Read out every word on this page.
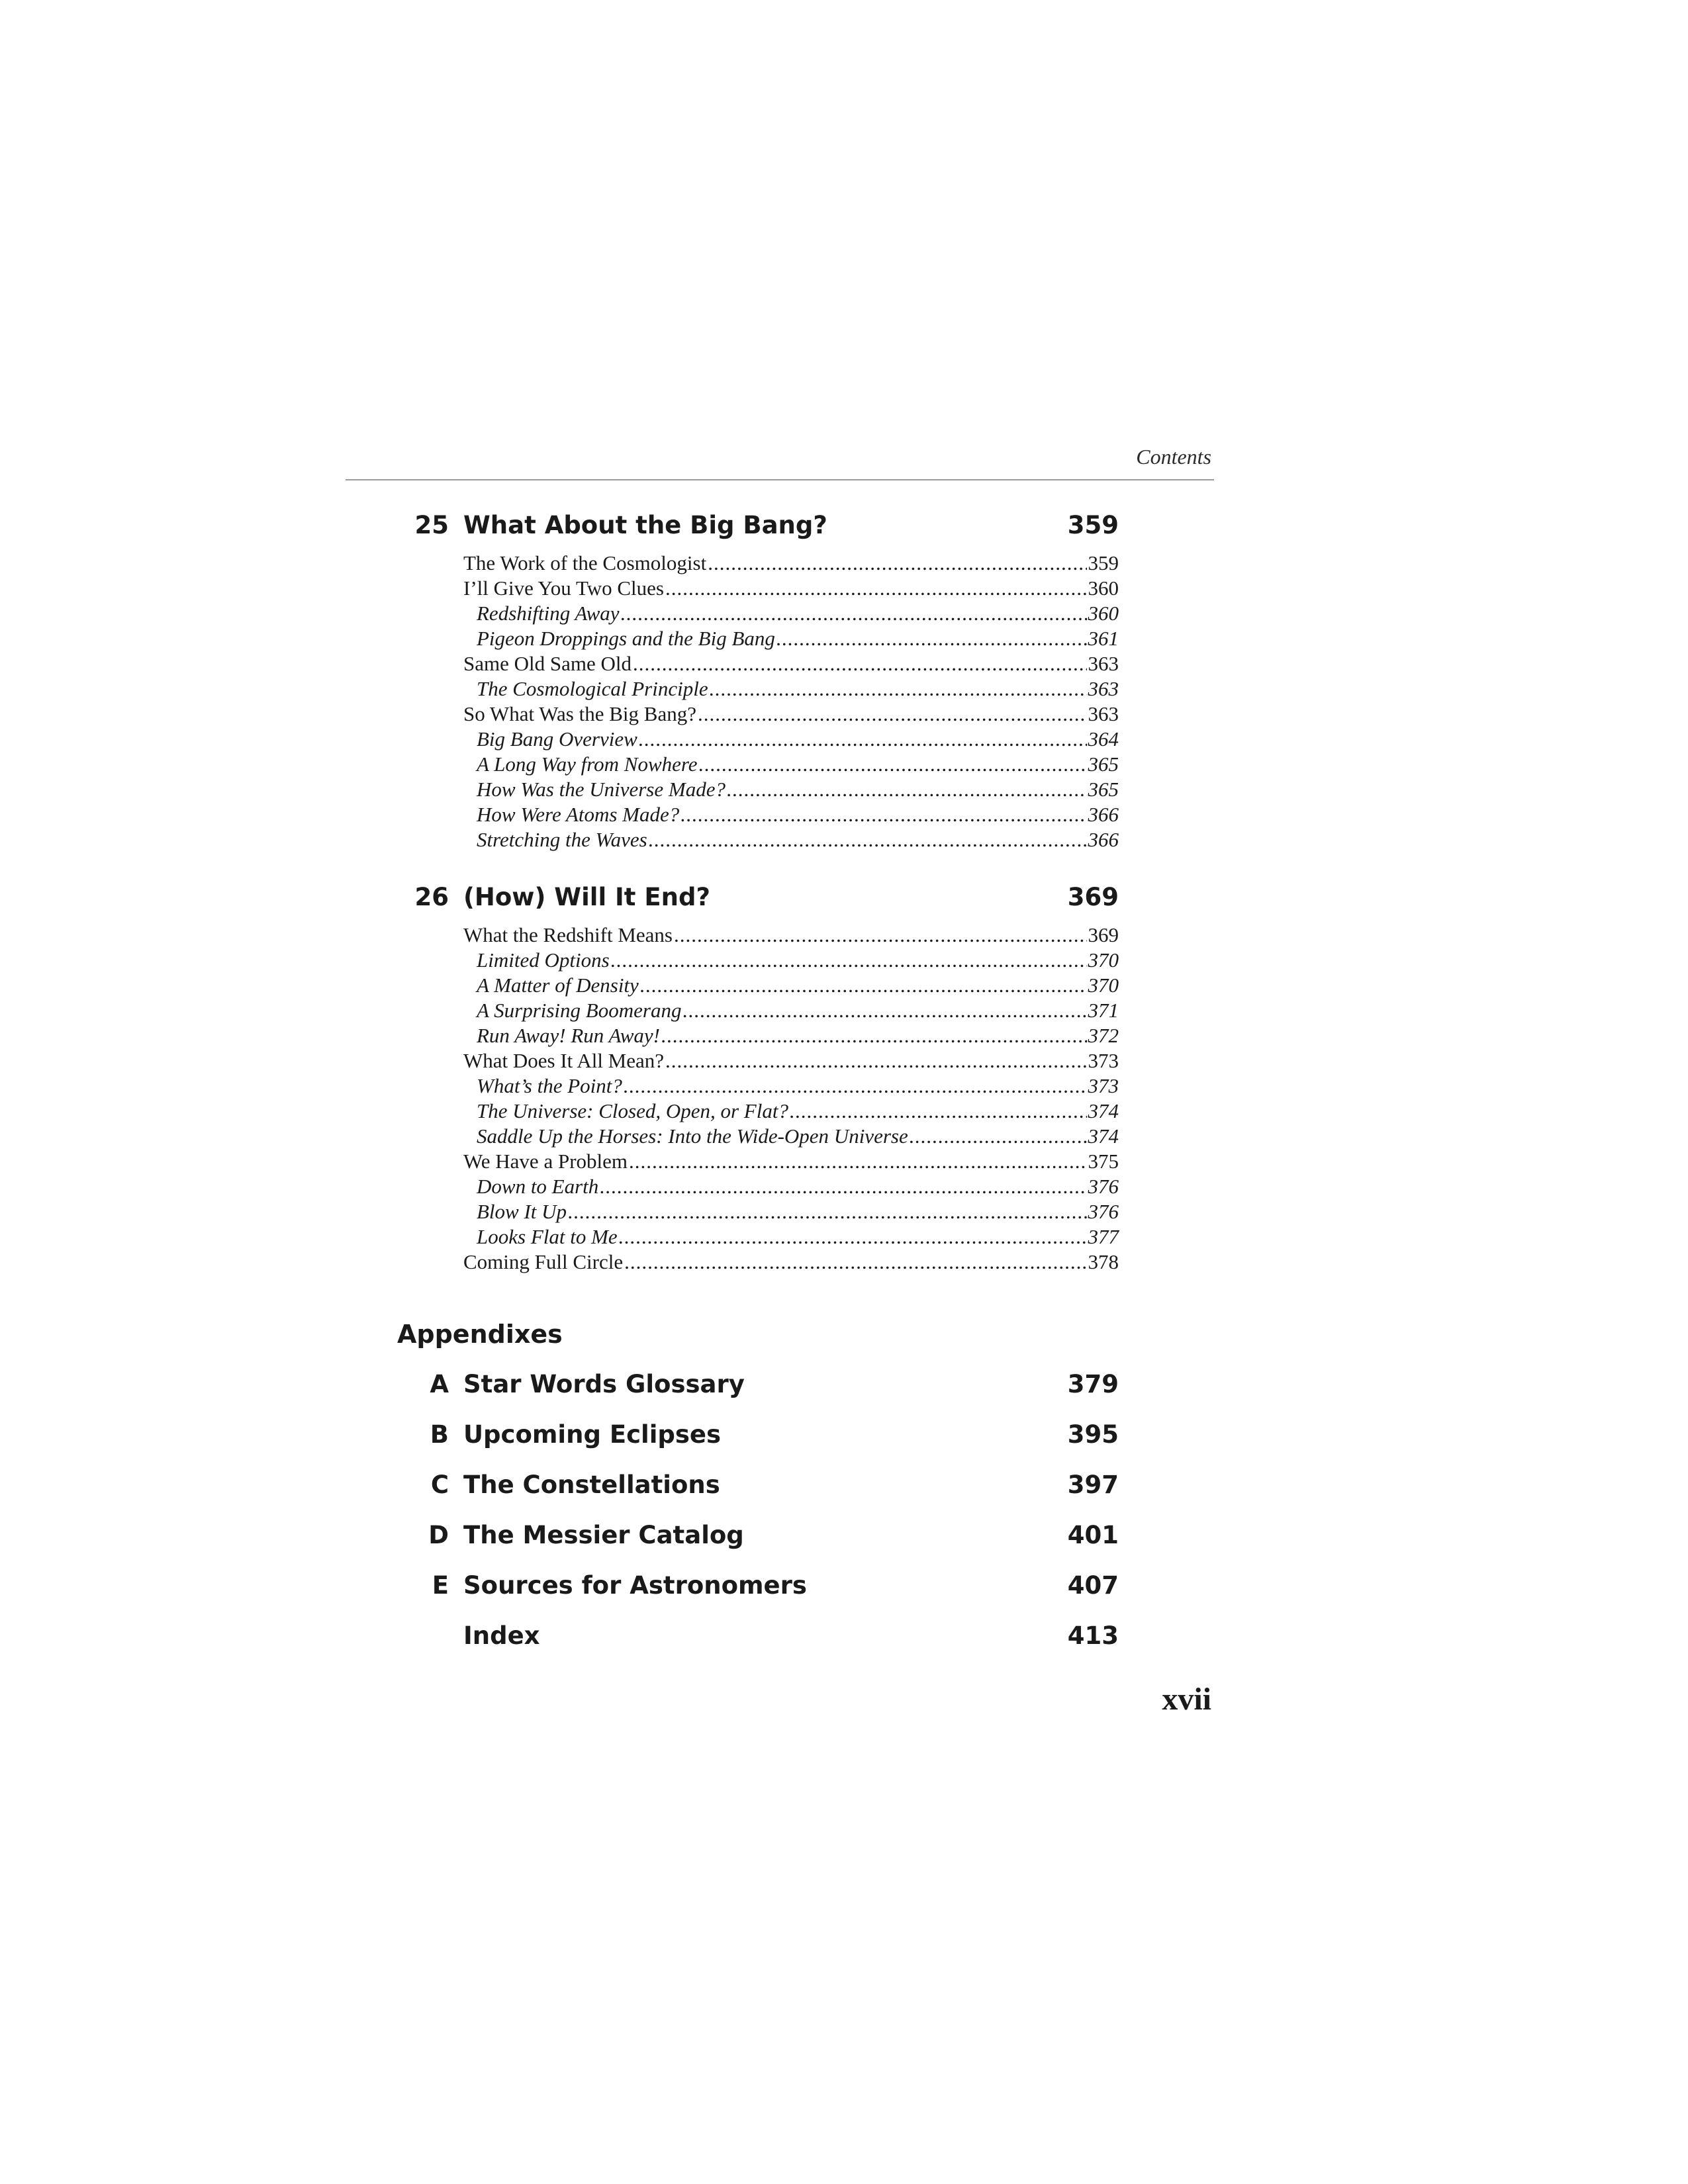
Contents
25 What About the Big Bang?	359
The Work of the Cosmologist .....	359
I’ll Give You Two Clues .....	360
Redshifting Away .....	360
Pigeon Droppings and the Big Bang .....	361
Same Old Same Old .....	363
The Cosmological Principle .....	363
So What Was the Big Bang? .....	363
Big Bang Overview .....	364
A Long Way from Nowhere .....	365
How Was the Universe Made? .....	365
How Were Atoms Made? .....	366
Stretching the Waves .....	366
26 (How) Will It End?	369
What the Redshift Means .....	369
Limited Options .....	370
A Matter of Density .....	370
A Surprising Boomerang .....	371
Run Away! Run Away! .....	372
What Does It All Mean? .....	373
What’s the Point? .....	373
The Universe: Closed, Open, or Flat? .....	374
Saddle Up the Horses: Into the Wide-Open Universe .....	374
We Have a Problem .....	375
Down to Earth .....	376
Blow It Up .....	376
Looks Flat to Me .....	377
Coming Full Circle .....	378
Appendixes
A Star Words Glossary	379
B Upcoming Eclipses	395
C The Constellations	397
D The Messier Catalog	401
E Sources for Astronomers	407
Index	413
xvii
